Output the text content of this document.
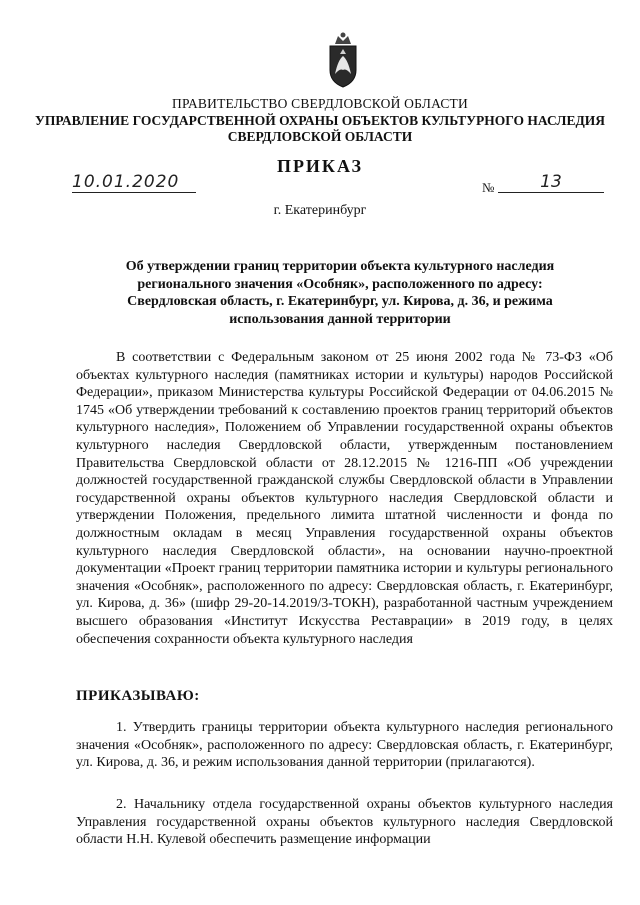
ПРАВИТЕЛЬСТВО СВЕРДЛОВСКОЙ ОБЛАСТИ
УПРАВЛЕНИЕ ГОСУДАРСТВЕННОЙ ОХРАНЫ ОБЪЕКТОВ КУЛЬТУРНОГО НАСЛЕДИЯ СВЕРДЛОВСКОЙ ОБЛАСТИ
ПРИКАЗ
10.01.2020	№	13
г. Екатеринбург
Об утверждении границ территории объекта культурного наследия регионального значения «Особняк», расположенного по адресу: Свердловская область, г. Екатеринбург, ул. Кирова, д. 36, и режима использования данной территории
В соответствии с Федеральным законом от 25 июня 2002 года № 73-ФЗ «Об объектах культурного наследия (памятниках истории и культуры) народов Российской Федерации», приказом Министерства культуры Российской Федерации от 04.06.2015 № 1745 «Об утверждении требований к составлению проектов границ территорий объектов культурного наследия», Положением об Управлении государственной охраны объектов культурного наследия Свердловской области, утвержденным постановлением Правительства Свердловской области от 28.12.2015 № 1216-ПП «Об учреждении должностей государственной гражданской службы Свердловской области в Управлении государственной охраны объектов культурного наследия Свердловской области и утверждении Положения, предельного лимита штатной численности и фонда по должностным окладам в месяц Управления государственной охраны объектов культурного наследия Свердловской области», на основании научно-проектной документации «Проект границ территории памятника истории и культуры регионального значения «Особняк», расположенного по адресу: Свердловская область, г. Екатеринбург, ул. Кирова, д. 36» (шифр 29-20-14.2019/3-ТОКН), разработанной частным учреждением высшего образования «Институт Искусства Реставрации» в 2019 году, в целях обеспечения сохранности объекта культурного наследия
ПРИКАЗЫВАЮ:
1. Утвердить границы территории объекта культурного наследия регионального значения «Особняк», расположенного по адресу: Свердловская область, г. Екатеринбург, ул. Кирова, д. 36, и режим использования данной территории (прилагаются).
2. Начальнику отдела государственной охраны объектов культурного наследия Управления государственной охраны объектов культурного наследия Свердловской области Н.Н. Кулевой обеспечить размещение информации
